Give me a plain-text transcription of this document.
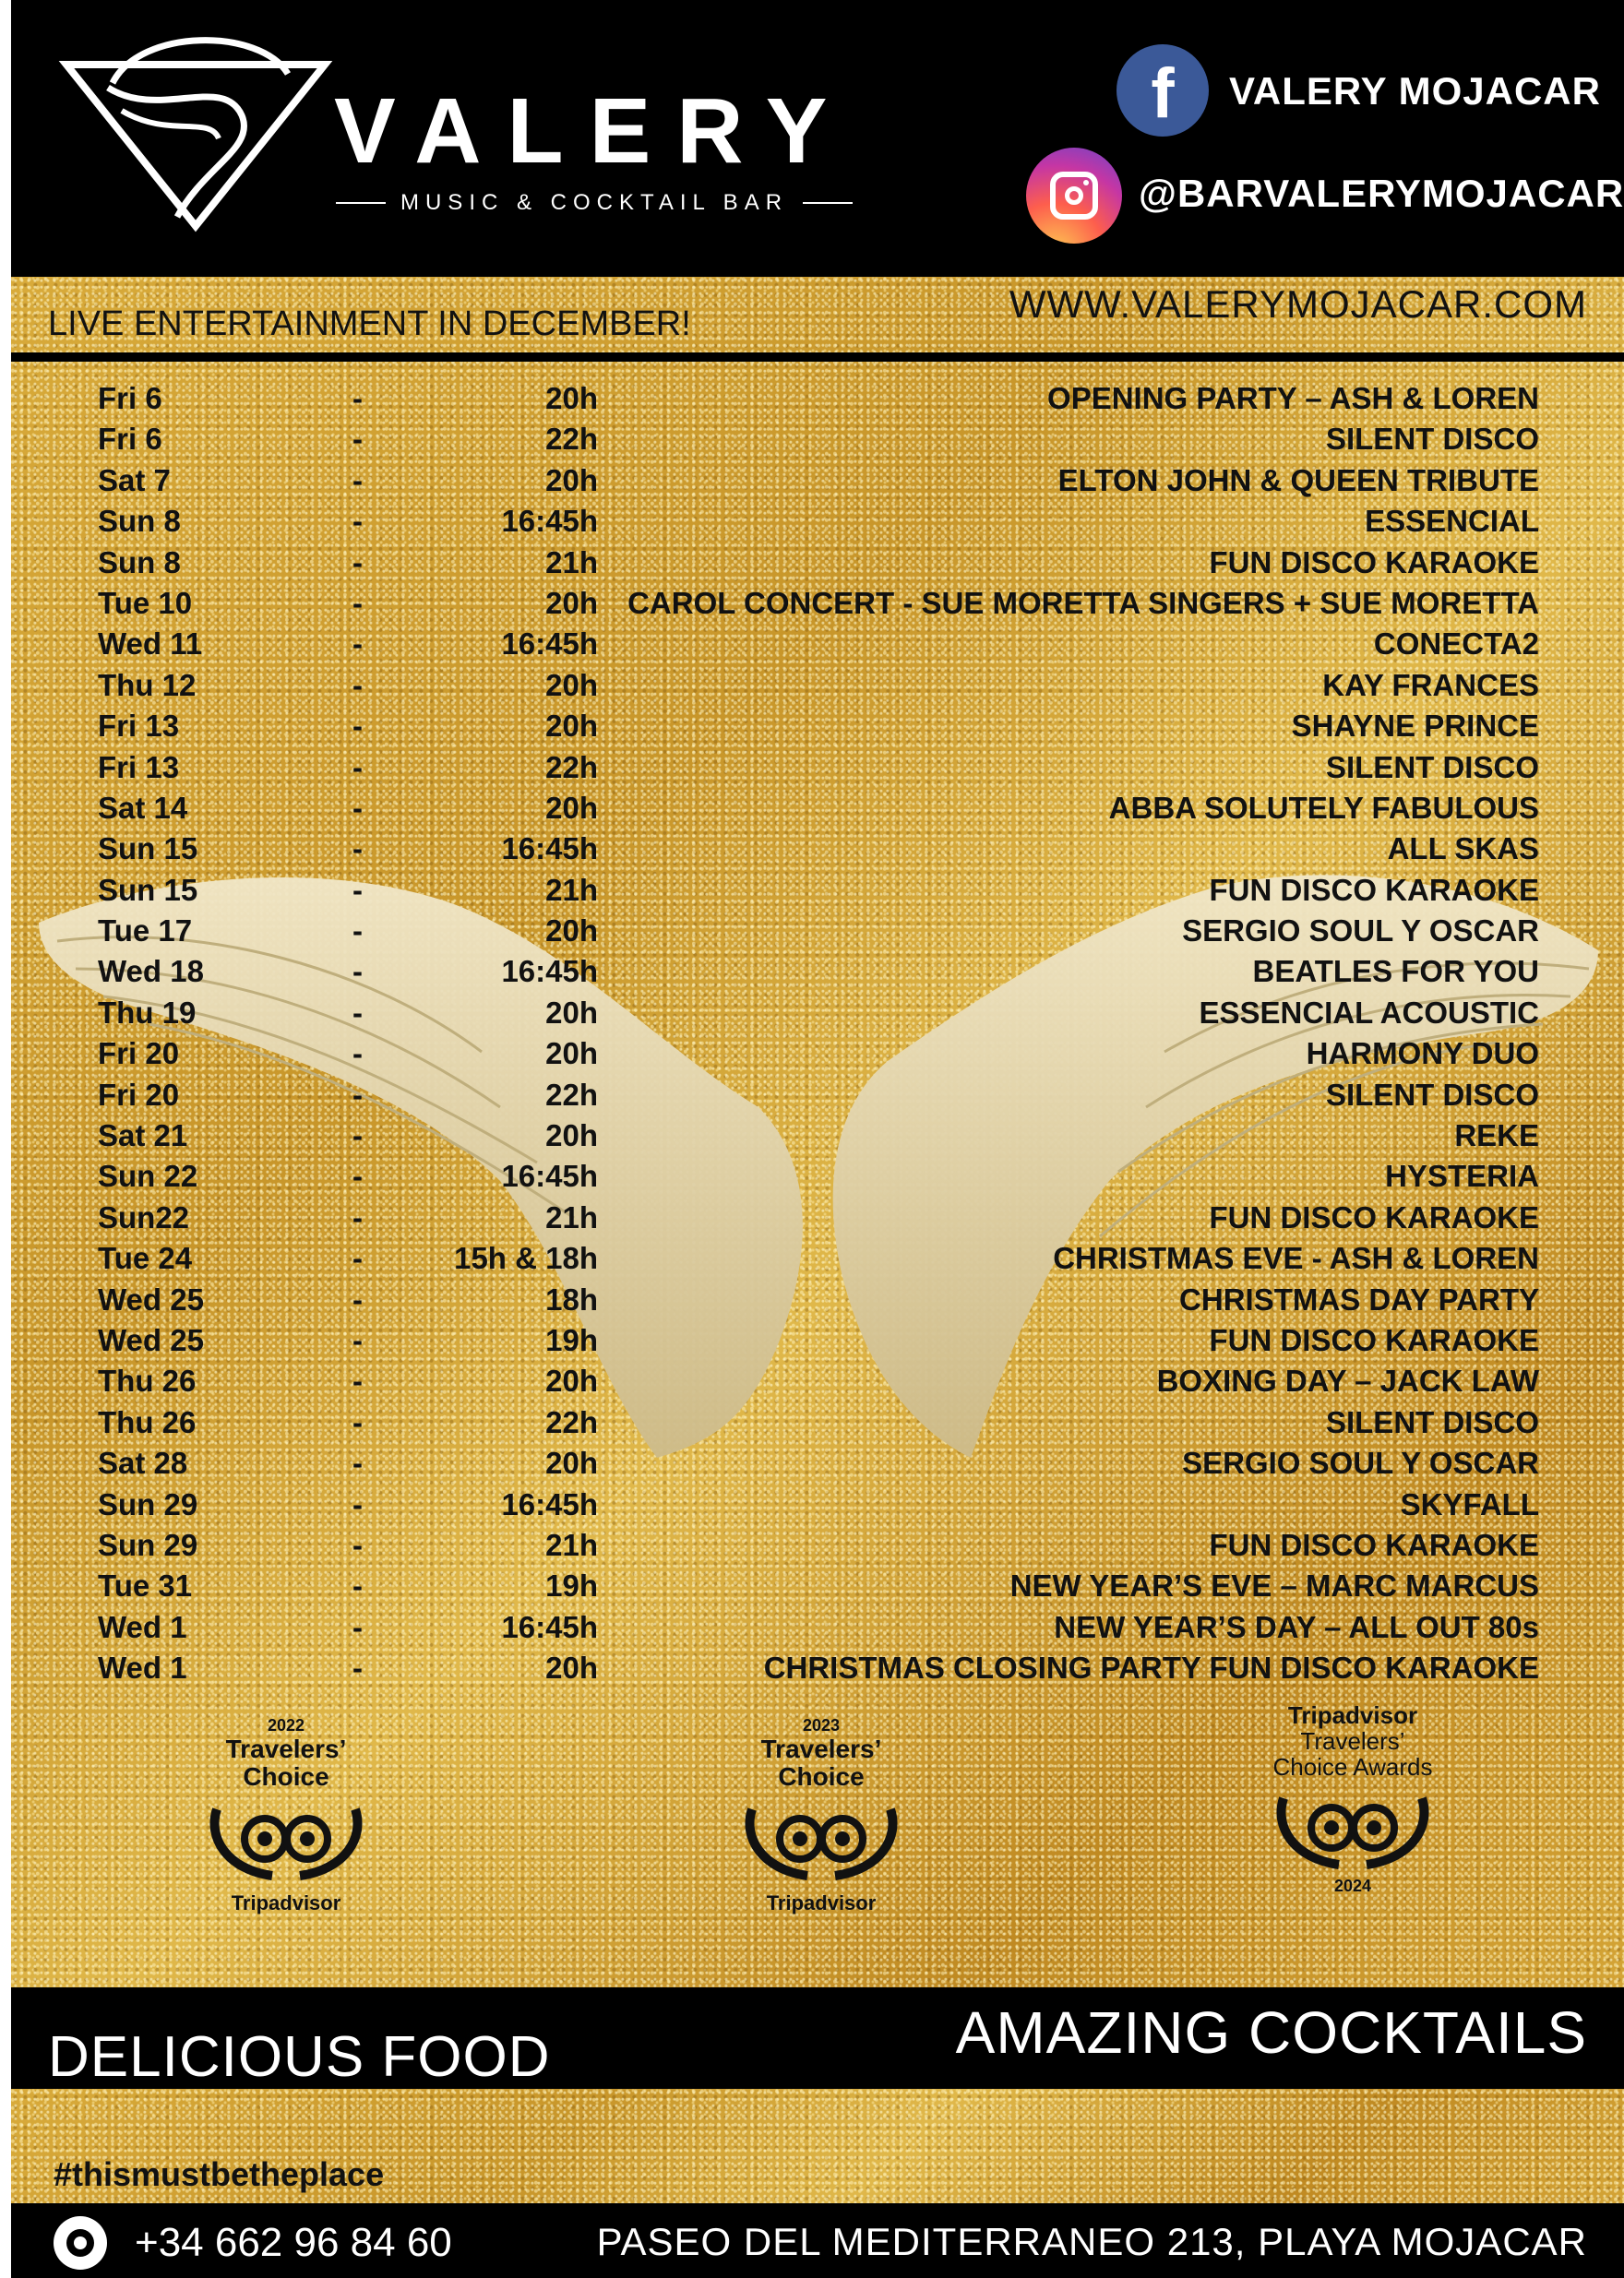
VALERY
MUSIC & COCKTAIL BAR
f	VALERY MOJACAR
@BARVALERYMOJACAR
LIVE ENTERTAINMENT IN DECEMBER!	WWW.VALERYMOJACAR.COM
Fri 6	-	20h	OPENING PARTY – ASH & LOREN
Fri 6	-	22h	SILENT DISCO
Sat 7	-	20h	ELTON JOHN & QUEEN TRIBUTE
Sun 8	-	16:45h	ESSENCIAL
Sun 8	-	21h	FUN DISCO KARAOKE
Tue 10	-	20h CAROL CONCERT - SUE MORETTA SINGERS + SUE MORETTA
Wed 11	-	16:45h	CONECTA2
Thu 12	-	20h	KAY FRANCES
Fri 13	-	20h	SHAYNE PRINCE
Fri 13	-	22h	SILENT DISCO
Sat 14	-	20h	ABBA SOLUTELY FABULOUS
Sun 15	-	16:45h	ALL SKAS
Sun 15	-	21h	FUN DISCO KARAOKE
Tue 17	-	20h	SERGIO SOUL Y OSCAR
Wed 18	-	16:45h	BEATLES FOR YOU
Thu 19	-	20h	ESSENCIAL ACOUSTIC
Fri 20	-	20h	HARMONY DUO
Fri 20	-	22h	SILENT DISCO
Sat 21	-	20h	REKE
Sun 22	-	16:45h	HYSTERIA
Sun22	-	21h	FUN DISCO KARAOKE
Tue 24	-	15h & 18h	CHRISTMAS EVE - ASH & LOREN
Wed 25	-	18h	CHRISTMAS DAY PARTY
Wed 25	-	19h	FUN DISCO KARAOKE
Thu 26	-	20h	BOXING DAY – JACK LAW
Thu 26	-	22h	SILENT DISCO
Sat 28	-	20h	SERGIO SOUL Y OSCAR
Sun 29	-	16:45h	SKYFALL
Sun 29	-	21h	FUN DISCO KARAOKE
Tue 31	-	19h	NEW YEAR’S EVE – MARC MARCUS
Wed 1	-	16:45h	NEW YEAR’S DAY – ALL OUT 80s
Wed 1	-	20h	CHRISTMAS CLOSING PARTY FUN DISCO KARAOKE
2022
Travelers’
Choice
Tripadvisor
2023
Travelers’
Choice
Tripadvisor
Tripadvisor
Travelers’
Choice Awards
2024
DELICIOUS FOOD	AMAZING COCKTAILS
#thismustbetheplace
+34 662 96 84 60	PASEO DEL MEDITERRANEO 213, PLAYA MOJACAR
